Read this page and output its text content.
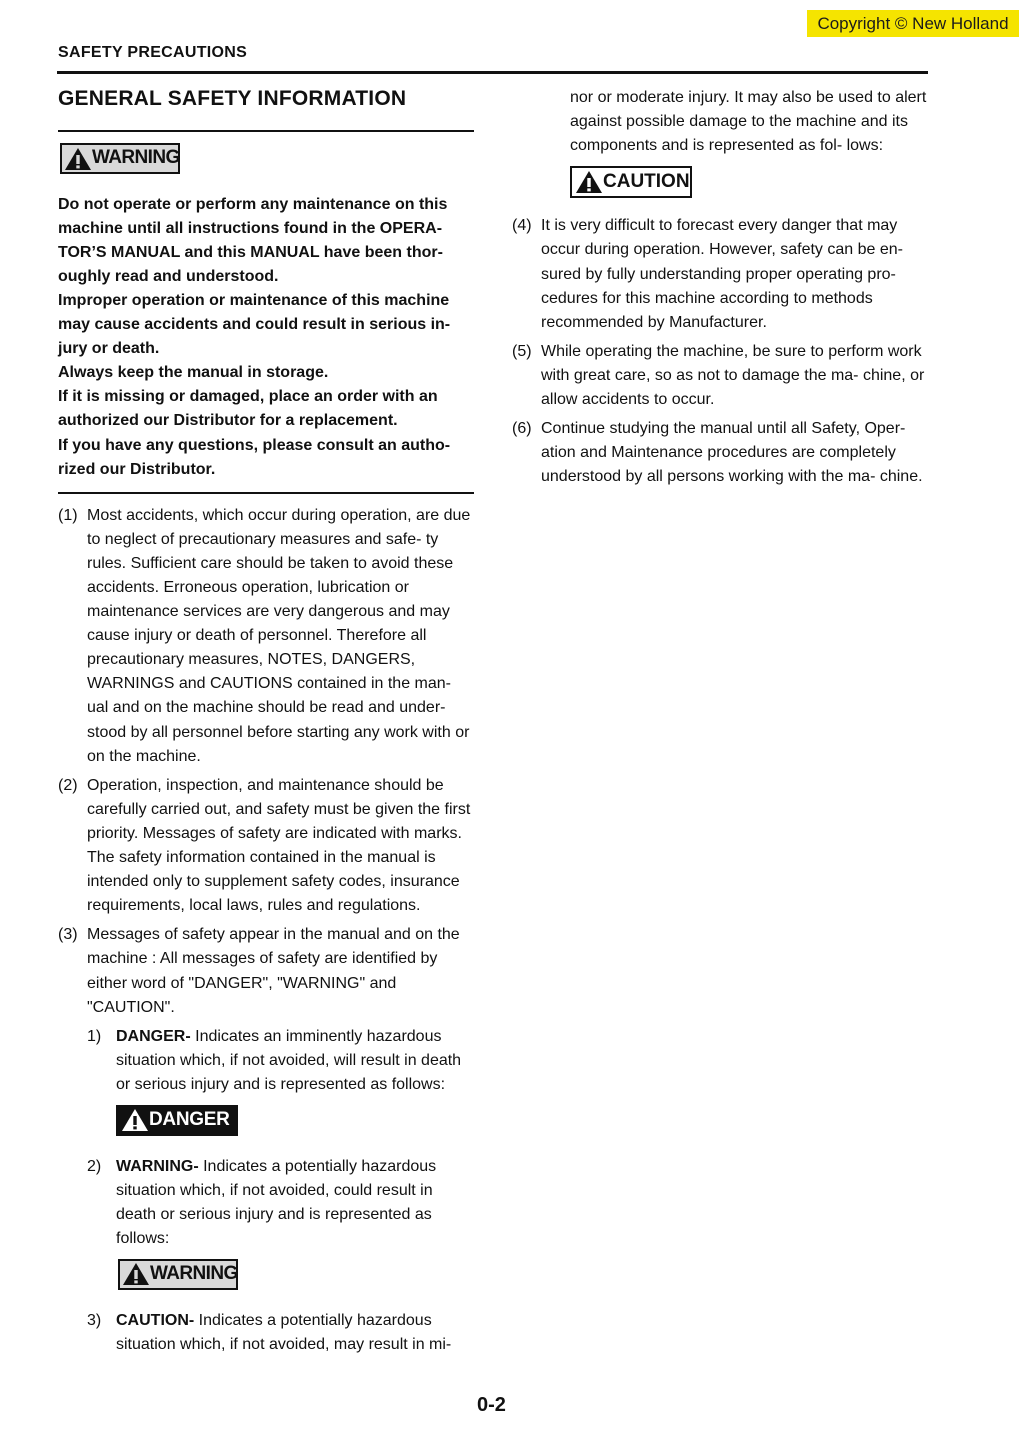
Copyright © New Holland
SAFETY PRECAUTIONS
GENERAL SAFETY INFORMATION
WARNING

Do not operate or perform any maintenance on this machine until all instructions found in the OPERA- TOR’S MANUAL and this MANUAL have been thor- oughly read and understood.

Improper operation or maintenance of this machine may cause accidents and could result in serious in- jury or death.

Always keep the manual in storage.

If it is missing or damaged, place an order with an authorized our Distributor for a replacement.

If you have any questions, please consult an autho- rized our Distributor.

(1) Most accidents, which occur during operation, are due to neglect of precautionary measures and safe- ty rules. Sufficient care should be taken to avoid these accidents. Erroneous operation, lubrication or maintenance services are very dangerous and may cause injury or death of personnel. Therefore all precautionary measures, NOTES, DANGERS, WARNINGS and CAUTIONS contained in the man- ual and on the machine should be read and under- stood by all personnel before starting any work with or on the machine.
(2) Operation, inspection, and maintenance should be carefully carried out, and safety must be given the first priority. Messages of safety are indicated with marks. The safety information contained in the manual is intended only to supplement safety codes, insurance requirements, local laws, rules and regulations.
(3) Messages of safety appear in the manual and on the machine : All messages of safety are identified by either word of "DANGER", "WARNING" and "CAUTION".
1) DANGER- Indicates an imminently hazardous situation which, if not avoided, will result in death or serious injury and is represented as follows:
DANGER
2) WARNING- Indicates a potentially hazardous situation which, if not avoided, could result in death or serious injury and is represented as follows:
WARNING
3) CAUTION- Indicates a potentially hazardous situation which, if not avoided, may result in mi-
nor or moderate injury. It may also be used to alert against possible damage to the machine and its components and is represented as fol- lows:
CAUTION
(4) It is very difficult to forecast every danger that may occur during operation. However, safety can be en- sured by fully understanding proper operating pro- cedures for this machine according to methods recommended by Manufacturer.
(5) While operating the machine, be sure to perform work with great care, so as not to damage the ma- chine, or allow accidents to occur.
(6) Continue studying the manual until all Safety, Oper- ation and Maintenance procedures are completely understood by all persons working with the ma- chine.
0-2
